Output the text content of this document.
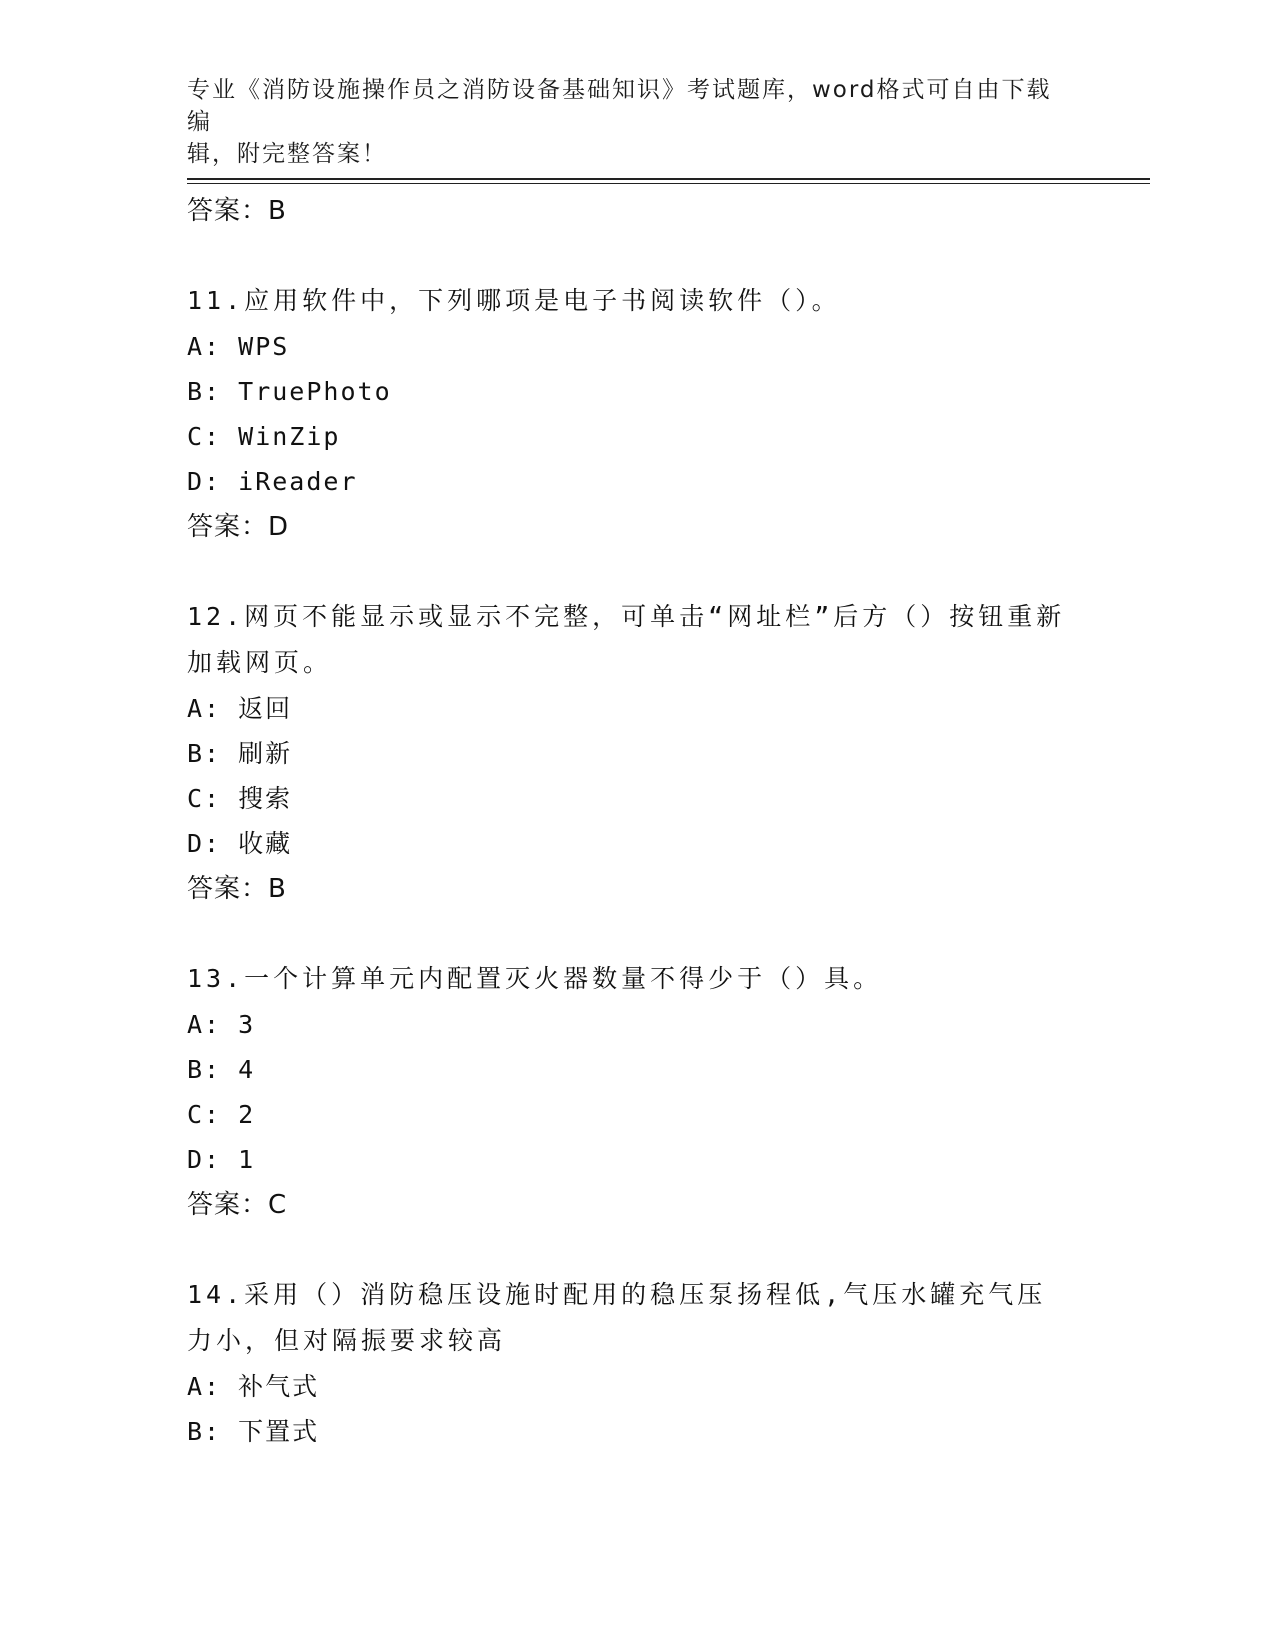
专业《消防设施操作员之消防设备基础知识》考试题库，word格式可自由下载编
辑，附完整答案！
答案：B
11.应用软件中，下列哪项是电子书阅读软件（）。
A: WPS
B: TruePhoto
C: WinZip
D: iReader
答案：D
12.网页不能显示或显示不完整，可单击“网址栏”后方（）按钮重新加载网页。
A: 返回
B: 刷新
C: 搜索
D: 收藏
答案：B
13.一个计算单元内配置灭火器数量不得少于（）具。
A: 3
B: 4
C: 2
D: 1
答案：C
14.采用（）消防稳压设施时配用的稳压泵扬程低,气压水罐充气压力小，但对隔振要求较高
A: 补气式
B: 下置式
